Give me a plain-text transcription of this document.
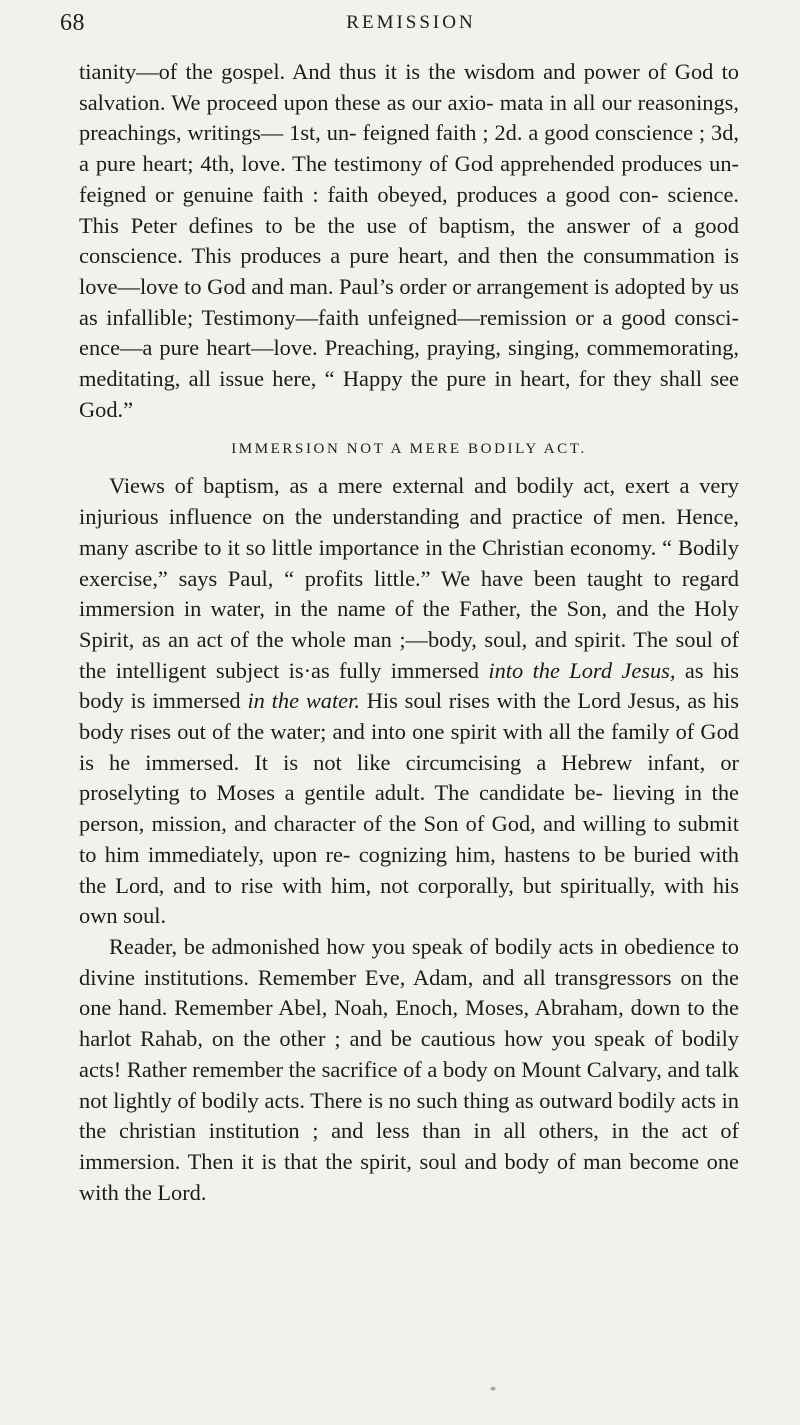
68	REMISSION

tianity—of the gospel. And thus it is the wisdom and power of God to salvation. We proceed upon these as our axio- mata in all our reasonings, preachings, writings— 1st, un- feigned faith ; 2d. a good conscience ; 3d, a pure heart; 4th, love. The testimony of God apprehended produces un- feigned or genuine faith : faith obeyed, produces a good con- science. This Peter defines to be the use of baptism, the answer of a good conscience. This produces a pure heart, and then the consummation is love—love to God and man. Paul’s order or arrangement is adopted by us as infallible; Testimony—faith unfeigned—remission or a good consci- ence—a pure heart—love. Preaching, praying, singing, commemorating, meditating, all issue here, “ Happy the pure in heart, for they shall see God.”

IMMERSION NOT A MERE BODILY ACT.

Views of baptism, as a mere external and bodily act, exert a very injurious influence on the understanding and practice of men. Hence, many ascribe to it so little importance in the Christian economy. “ Bodily exercise,” says Paul, “ profits little.” We have been taught to regard immersion in water, in the name of the Father, the Son, and the Holy Spirit, as an act of the whole man ;—body, soul, and spirit. The soul of the intelligent subject is·as fully immersed into the Lord Jesus, as his body is immersed in the water. His soul rises with the Lord Jesus, as his body rises out of the water; and into one spirit with all the family of God is he immersed. It is not like circumcising a Hebrew infant, or proselyting to Moses a gentile adult. The candidate be- lieving in the person, mission, and character of the Son of God, and willing to submit to him immediately, upon re- cognizing him, hastens to be buried with the Lord, and to rise with him, not corporally, but spiritually, with his own soul.

Reader, be admonished how you speak of bodily acts in obedience to divine institutions. Remember Eve, Adam, and all transgressors on the one hand. Remember Abel, Noah, Enoch, Moses, Abraham, down to the harlot Rahab, on the other ; and be cautious how you speak of bodily acts! Rather remember the sacrifice of a body on Mount Calvary, and talk not lightly of bodily acts. There is no such thing as outward bodily acts in the christian institution ; and less than in all others, in the act of immersion. Then it is that the spirit, soul and body of man become one with the Lord.

*
